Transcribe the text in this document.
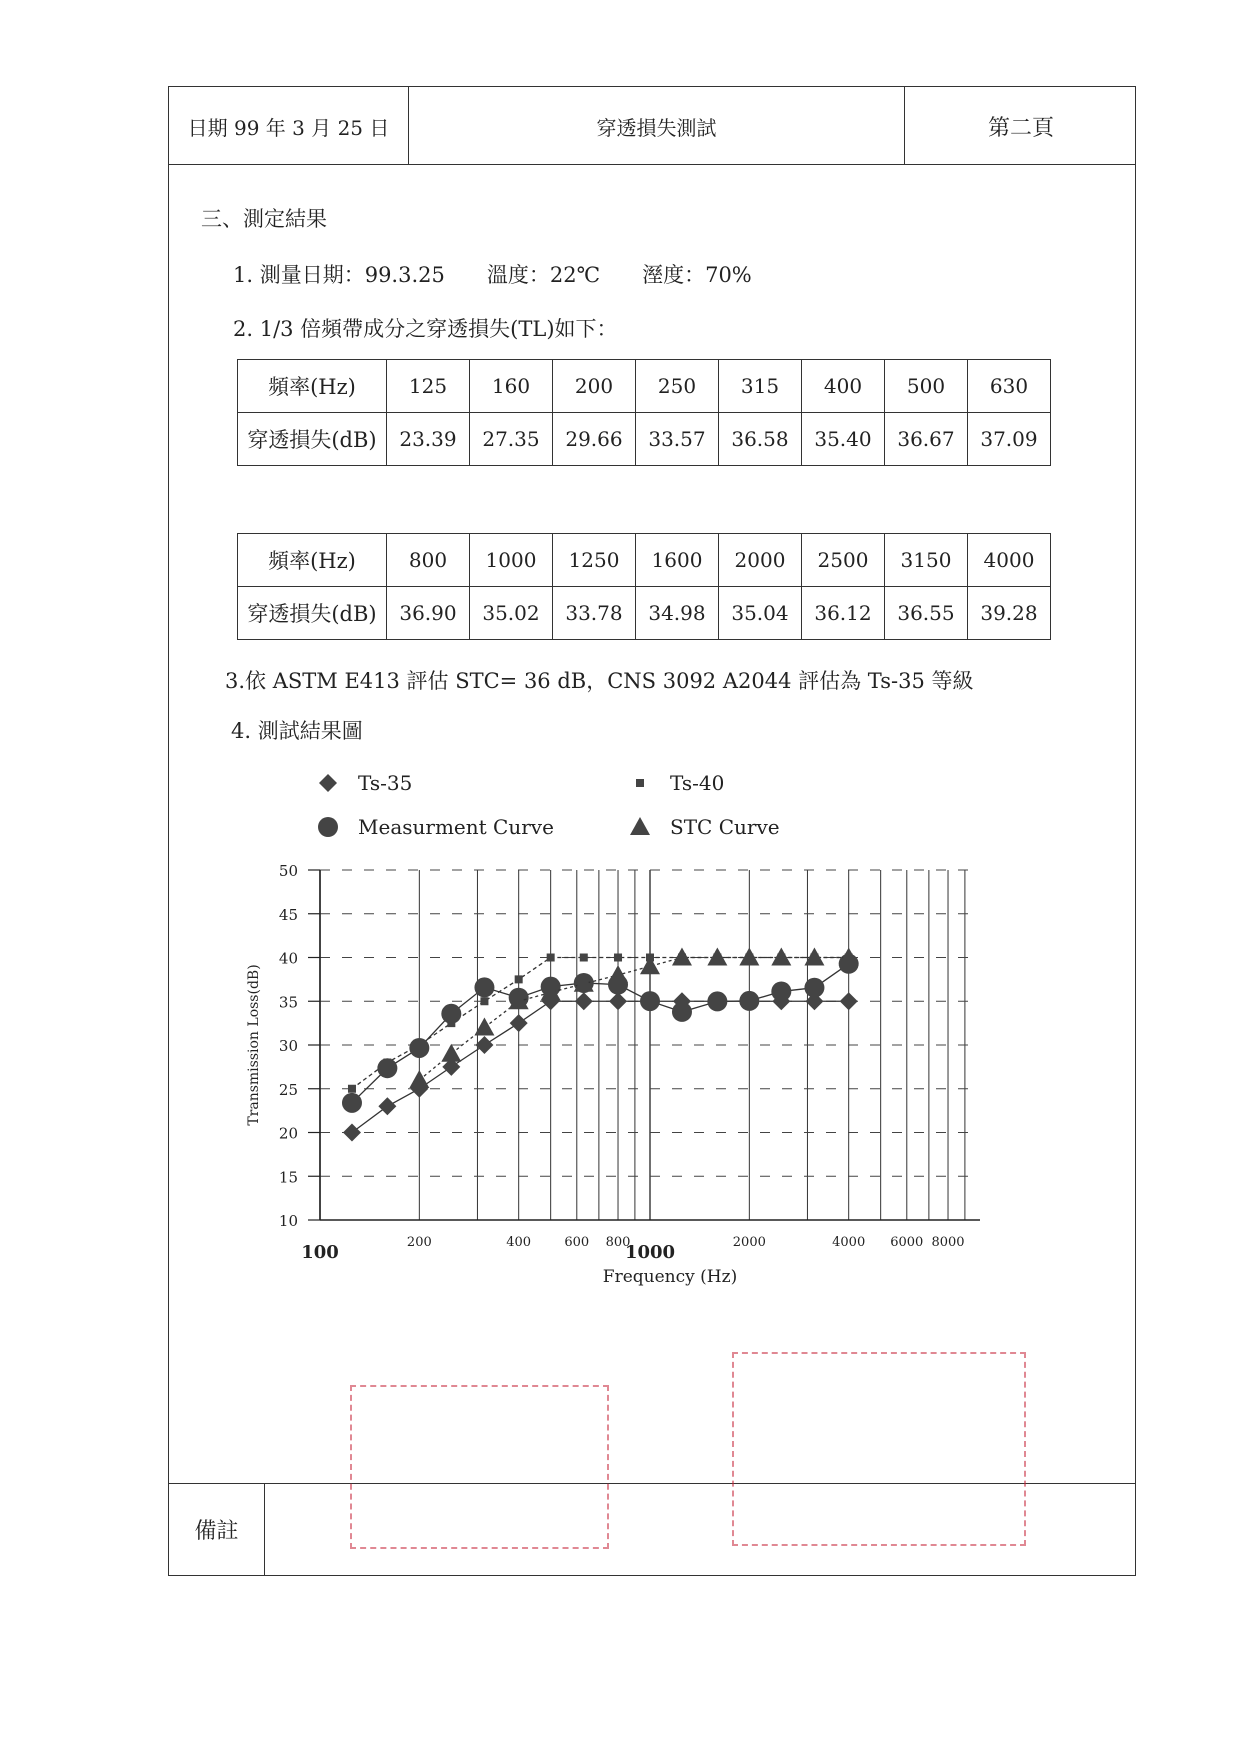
日期 99 年 3 月 25 日	穿透損失測試	第二頁
三、測定結果
1. 測量日期：99.3.25　　溫度：22℃　　溼度：70%
2. 1/3 倍頻帶成分之穿透損失(TL)如下：
頻率(Hz)	125	160	200	250	315	400	500	630
穿透損失(dB)	23.39	27.35	29.66	33.57	36.58	35.40	36.67	37.09
頻率(Hz)	800	1000	1250	1600	2000	2500	3150	4000
穿透損失(dB)	36.90	35.02	33.78	34.98	35.04	36.12	36.55	39.28
3.依 ASTM E413 評估 STC= 36 dB，CNS 3092 A2044 評估為 Ts-35 等級
4. 測試結果圖
備註
10
15
20
25
30
35
40
45
50
100	200	400	600 800
1000	2000	4000 6000 8000
Frequency (Hz)
Transmission Loss(dB)
Ts-35	Ts-40
Measurment Curve	STC Curve
